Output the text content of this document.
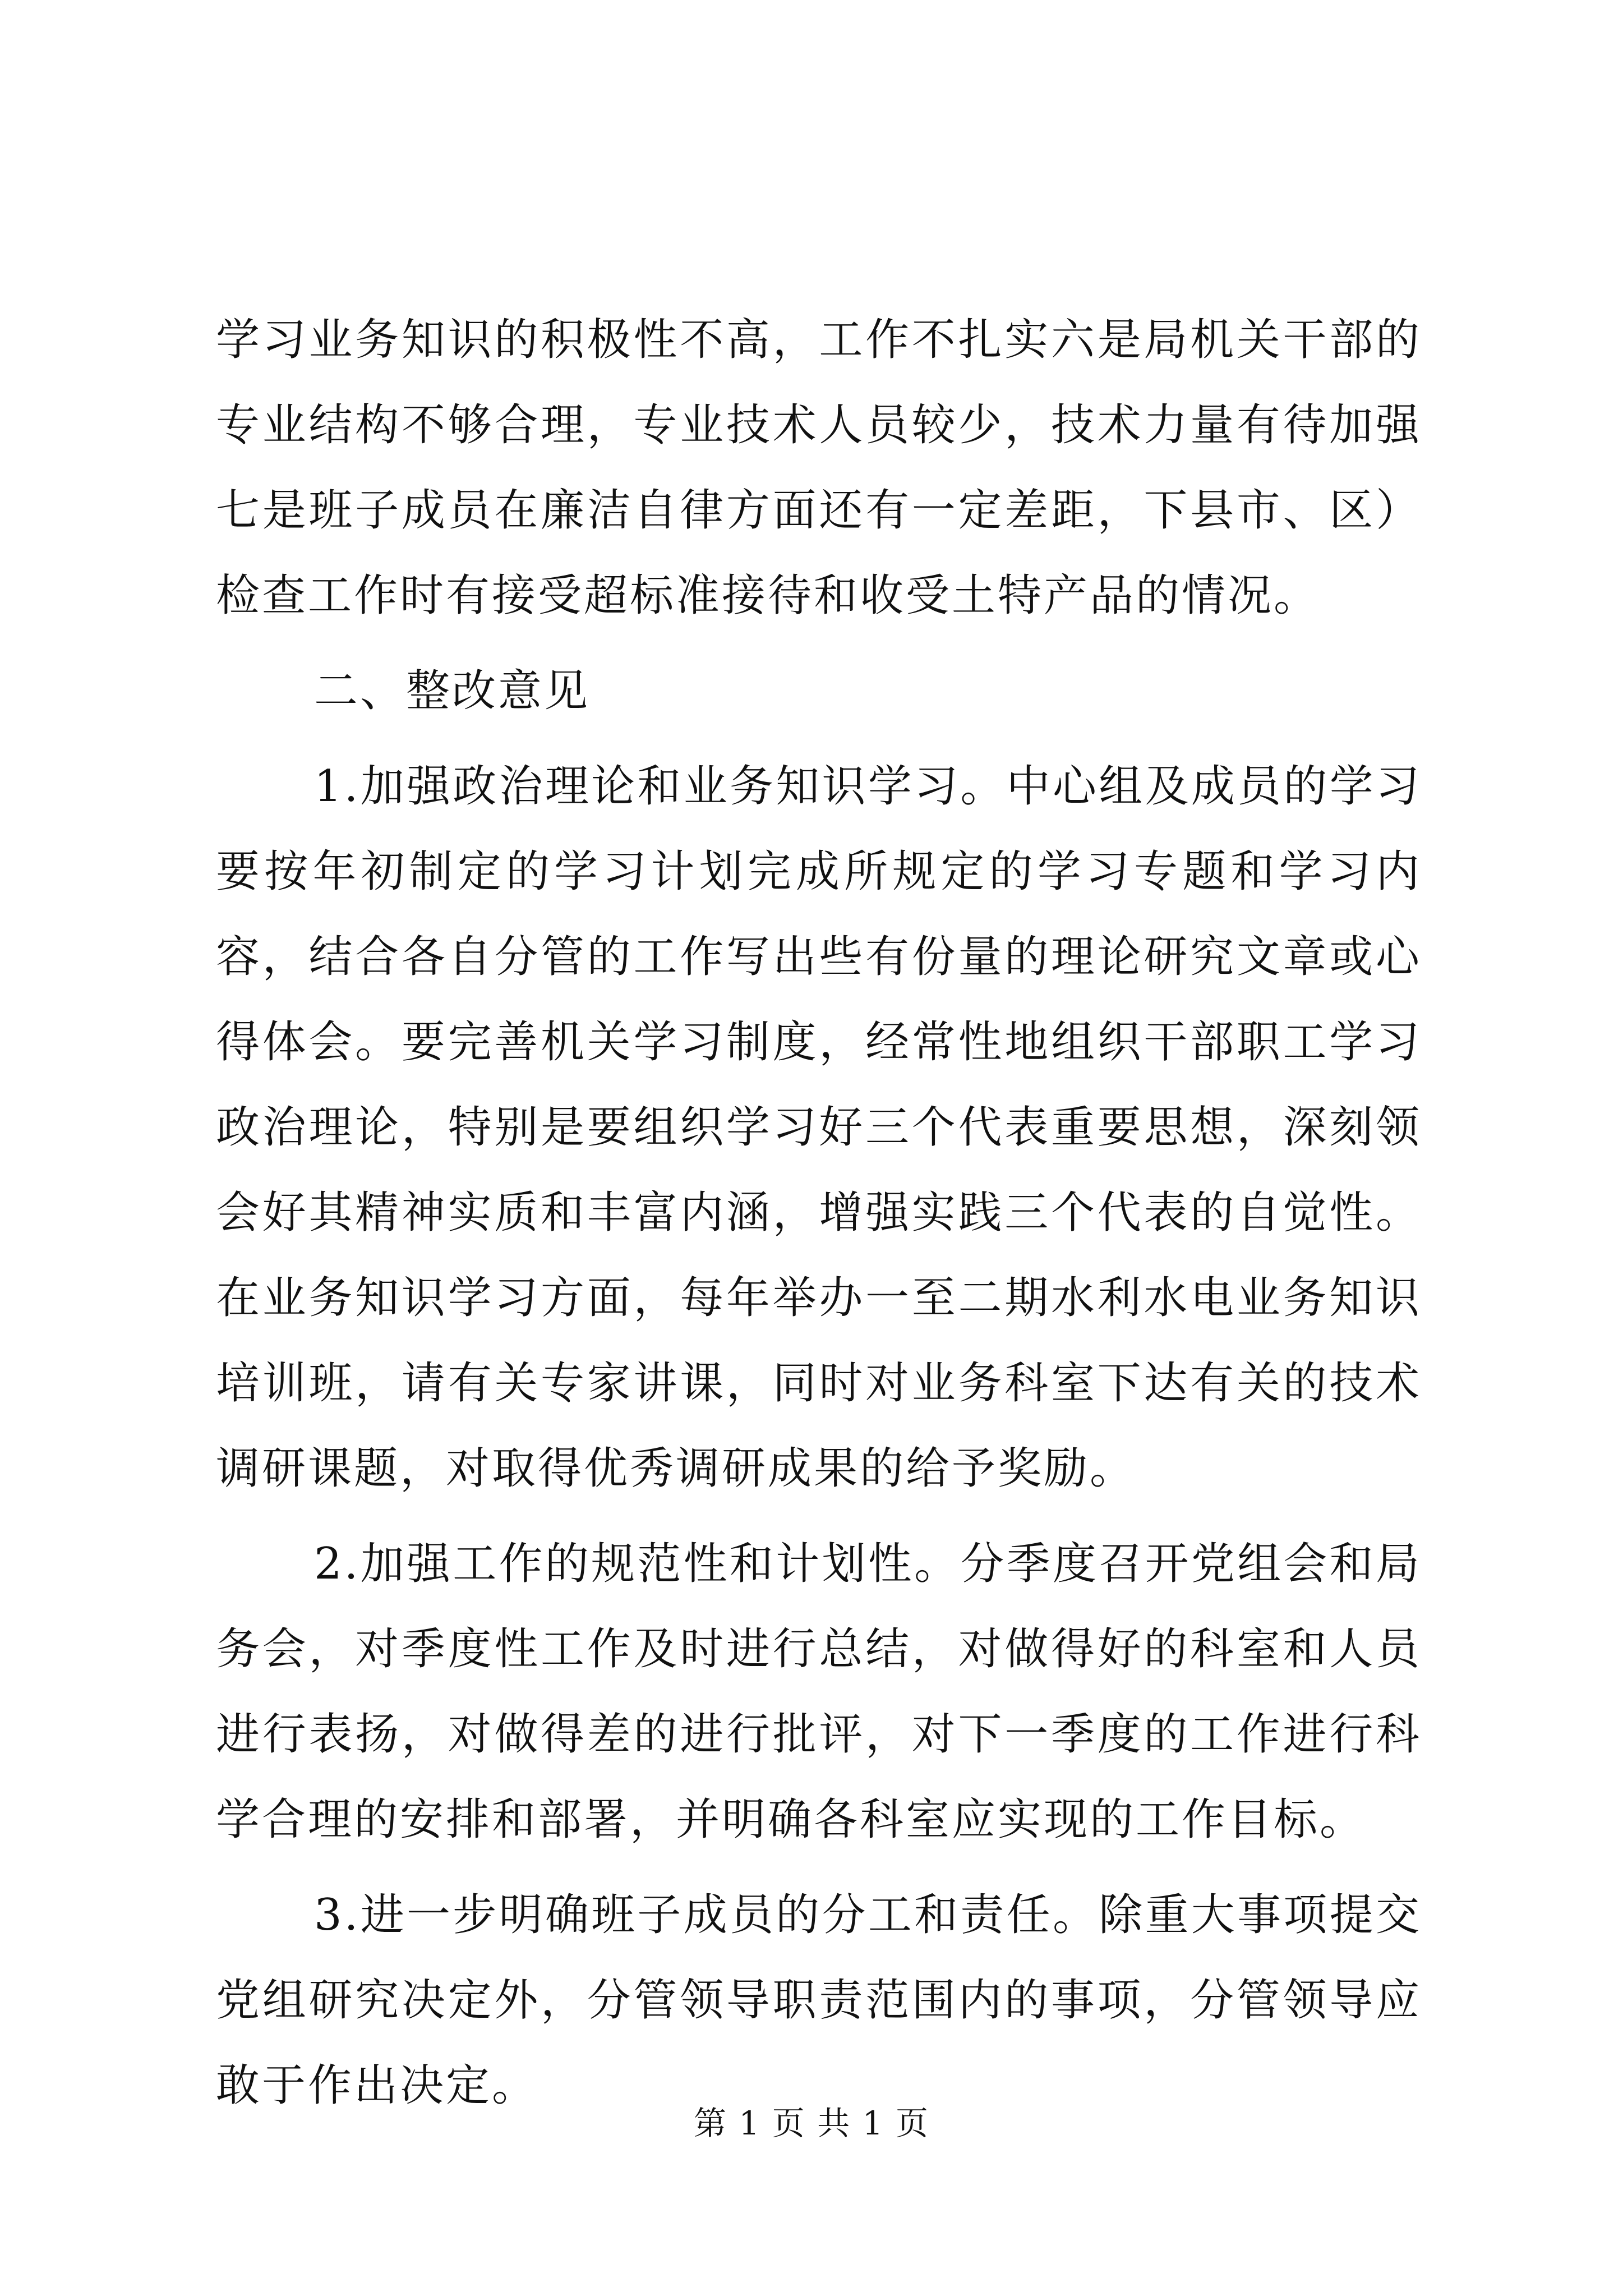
学习业务知识的积极性不高，工作不扎实六是局机关干部的专业结构不够合理，专业技术人员较少，技术力量有待加强七是班子成员在廉洁自律方面还有一定差距，下县市、区）检查工作时有接受超标准接待和收受土特产品的情况。

二、整改意见

1.加强政治理论和业务知识学习。中心组及成员的学习要按年初制定的学习计划完成所规定的学习专题和学习内容，结合各自分管的工作写出些有份量的理论研究文章或心得体会。要完善机关学习制度，经常性地组织干部职工学习政治理论，特别是要组织学习好三个代表重要思想，深刻领会好其精神实质和丰富内涵，增强实践三个代表的自觉性。在业务知识学习方面，每年举办一至二期水利水电业务知识培训班，请有关专家讲课，同时对业务科室下达有关的技术调研课题，对取得优秀调研成果的给予奖励。

2.加强工作的规范性和计划性。分季度召开党组会和局务会，对季度性工作及时进行总结，对做得好的科室和人员进行表扬，对做得差的进行批评，对下一季度的工作进行科学合理的安排和部署，并明确各科室应实现的工作目标。

3.进一步明确班子成员的分工和责任。除重大事项提交党组研究决定外，分管领导职责范围内的事项，分管领导应敢于作出决定。

第 1 页 共 1 页
